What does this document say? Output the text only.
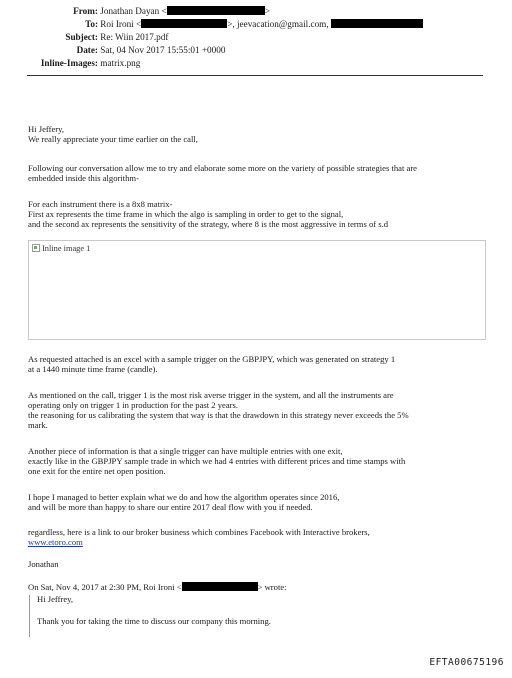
From: Jonathan Dayan <	>
To: Roi Ironi <	>, jeevacation@gmail.com,
Subject: Re: Wiin 2017.pdf
Date: Sat, 04 Nov 2017 15:55:01 +0000
Inline-Images: matrix.png
Hi Jeffery,
We really appreciate your time earlier on the call,
Following our conversation allow me to try and elaborate some more on the variety of possible strategies that are
embedded inside this algorithm-
For each instrument there is a 8x8 matrix-
First ax represents the time frame in which the algo is sampling in order to get to the signal,
and the second ax represents the sensitivity of the strategy, where 8 is the most aggressive in terms of s.d
Inline image 1
As requested attached is an excel with a sample trigger on the GBPJPY, which was generated on strategy 1
at a 1440 minute time frame (candle).
As mentioned on the call, trigger 1 is the most risk averse trigger in the system, and all the instruments are
operating only on trigger 1 in production for the past 2 years.
the reasoning for us calibrating the system that way is that the drawdown in this strategy never exceeds the 5%
mark.
Another piece of information is that a single trigger can have multiple entries with one exit,
exactly like in the GBPJPY sample trade in which we had 4 entries with different prices and time stamps with
one exit for the entire net open position.
I hope I managed to better explain what we do and how the algorithm operates since 2016,
and will be more than happy to share our entire 2017 deal flow with you if needed.
regardless, here is a link to our broker business which combines Facebook with Interactive brokers,
www.etoro.com
Jonathan
On Sat, Nov 4, 2017 at 2:30 PM, Roi Ironi <	> wrote:
Hi Jeffrey,
Thank you for taking the time to discuss our company this morning.
EFTA00675196
